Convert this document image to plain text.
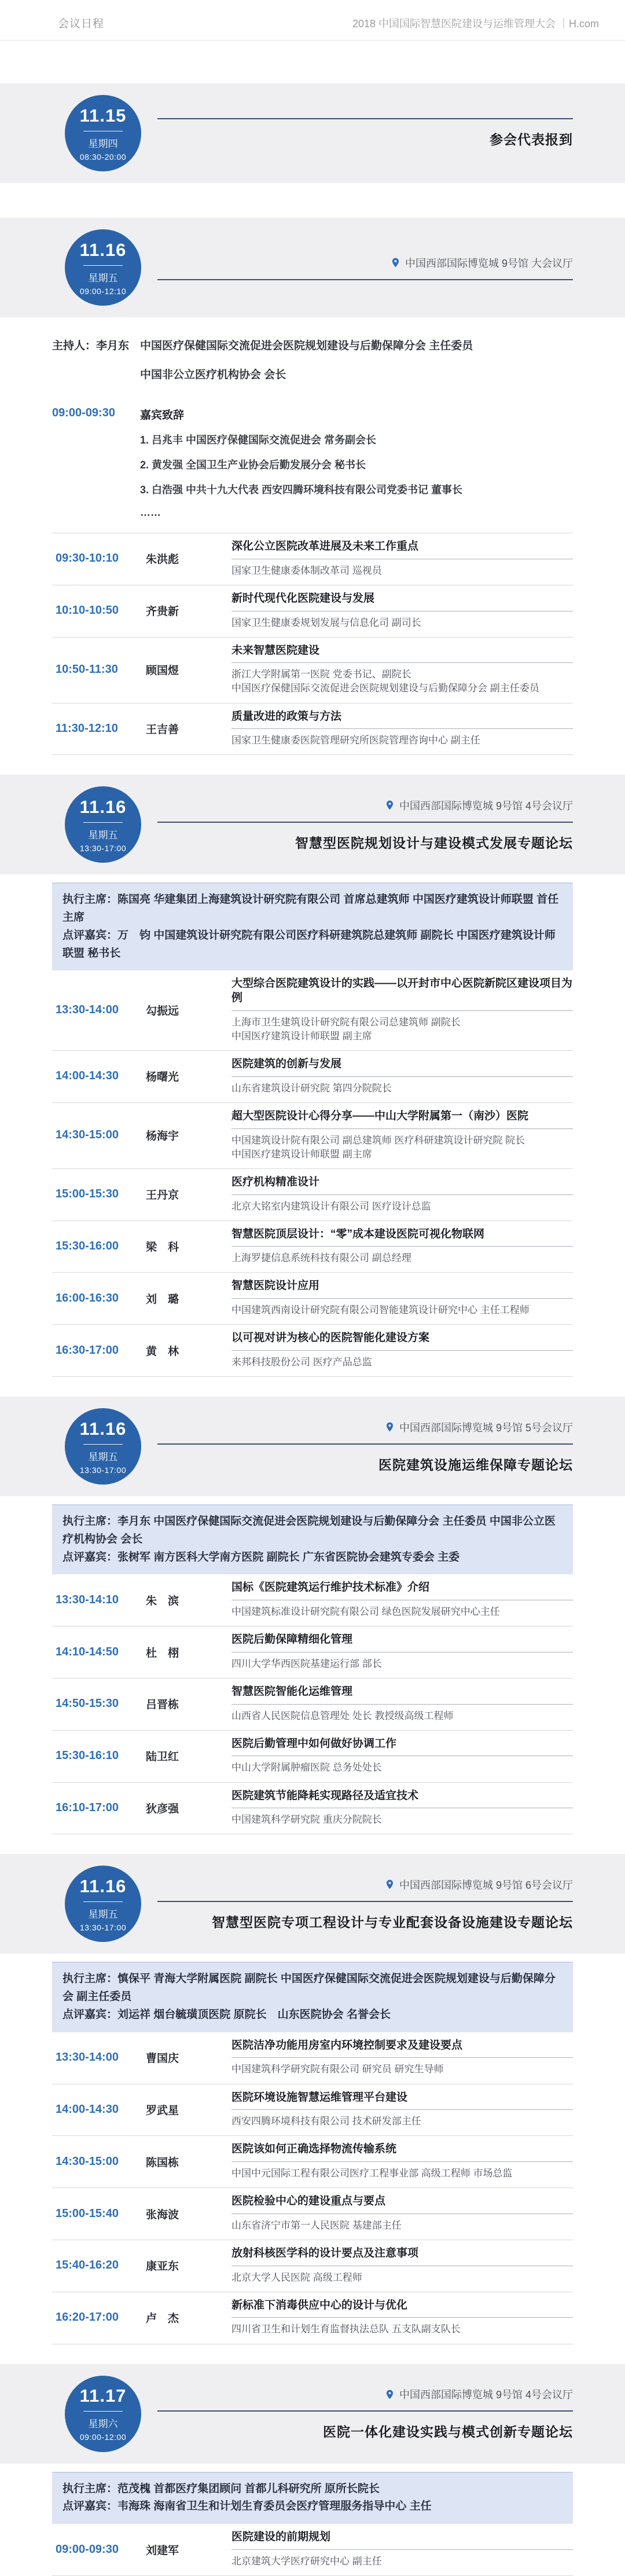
会议日程	2018 中国国际智慧医院建设与运维管理大会 ｜H.com
11.15
星期四
08:30-20:00
参会代表报到
11.16
星期五
09:00-12:10
中国西部国际博览城 9号馆 大会议厅
主持人：李月东 中国医疗保健国际交流促进会医院规划建设与后勤保障分会 主任委员
中国非公立医疗机构协会 会长
09:00-09:30	嘉宾致辞
1. 吕兆丰 中国医疗保健国际交流促进会 常务副会长
2. 黄发强 全国卫生产业协会后勤发展分会 秘书长
3. 白浩强 中共十九大代表 西安四腾环境科技有限公司党委书记 董事长
……
09:30-10:10	朱洪彪
深化公立医院改革进展及未来工作重点
国家卫生健康委体制改革司 巡视员
10:10-10:50	齐贵新
新时代现代化医院建设与发展
国家卫生健康委规划发展与信息化司 副司长
10:50-11:30	顾国煜
未来智慧医院建设
浙江大学附属第一医院 党委书记、副院长
中国医疗保健国际交流促进会医院规划建设与后勤保障分会 副主任委员
11:30-12:10	王吉善
质量改进的政策与方法
国家卫生健康委医院管理研究所医院管理咨询中心 副主任
11.16
星期五
13:30-17:00
中国西部国际博览城 9号馆 4号会议厅
智慧型医院规划设计与建设模式发展专题论坛
执行主席：陈国亮 华建集团上海建筑设计研究院有限公司 首席总建筑师 中国医疗建筑设计师联盟 首任主席
点评嘉宾：万　钧 中国建筑设计研究院有限公司医疗科研建筑院总建筑师 副院长 中国医疗建筑设计师联盟 秘书长
13:30-14:00	勾振远
大型综合医院建筑设计的实践——以开封市中心医院新院区建设项目为例
上海市卫生建筑设计研究院有限公司总建筑师 副院长
中国医疗建筑设计师联盟 副主席
14:00-14:30	杨曙光
医院建筑的创新与发展
山东省建筑设计研究院 第四分院院长
14:30-15:00	杨海宇
超大型医院设计心得分享——中山大学附属第一（南沙）医院
中国建筑设计院有限公司 副总建筑师 医疗科研建筑设计研究院 院长
中国医疗建筑设计师联盟 副主席
15:00-15:30	王丹京
医疗机构精准设计
北京大铭室内建筑设计有限公司 医疗设计总监
15:30-16:00	梁　科
智慧医院顶层设计：“零”成本建设医院可视化物联网
上海罗捷信息系统科技有限公司 副总经理
16:00-16:30	刘　璐
智慧医院设计应用
中国建筑西南设计研究院有限公司智能建筑设计研究中心 主任工程师
16:30-17:00	黄　林
以可视对讲为核心的医院智能化建设方案
来邦科技股份公司 医疗产品总监
11.16
星期五
13:30-17:00
中国西部国际博览城 9号馆 5号会议厅
医院建筑设施运维保障专题论坛
执行主席：李月东 中国医疗保健国际交流促进会医院规划建设与后勤保障分会 主任委员 中国非公立医疗机构协会 会长
点评嘉宾：张树军 南方医科大学南方医院 副院长 广东省医院协会建筑专委会 主委
13:30-14:10	朱　滨
国标《医院建筑运行维护技术标准》介绍
中国建筑标准设计研究院有限公司 绿色医院发展研究中心主任
14:10-14:50	杜　栩
医院后勤保障精细化管理
四川大学华西医院基建运行部 部长
14:50-15:30	吕晋栋
智慧医院智能化运维管理
山西省人民医院信息管理处 处长 教授级高级工程师
15:30-16:10	陆卫红
医院后勤管理中如何做好协调工作
中山大学附属肿瘤医院 总务处处长
16:10-17:00	狄彦强
医院建筑节能降耗实现路径及适宜技术
中国建筑科学研究院 重庆分院院长
11.16
星期五
13:30-17:00
中国西部国际博览城 9号馆 6号会议厅
智慧型医院专项工程设计与专业配套设备设施建设专题论坛
执行主席：慎保平 青海大学附属医院 副院长 中国医疗保健国际交流促进会医院规划建设与后勤保障分会 副主任委员
点评嘉宾：刘运祥 烟台毓璜顶医院 原院长　山东医院协会 名誉会长
13:30-14:00	曹国庆
医院洁净功能用房室内环境控制要求及建设要点
中国建筑科学研究院有限公司 研究员 研究生导师
14:00-14:30	罗武星
医院环境设施智慧运维管理平台建设
西安四腾环境科技有限公司 技术研发部主任
14:30-15:00	陈国栋
医院该如何正确选择物流传输系统
中国中元国际工程有限公司医疗工程事业部 高级工程师 市场总监
15:00-15:40	张海波
医院检验中心的建设重点与要点
山东省济宁市第一人民医院 基建部主任
15:40-16:20	康亚东
放射科核医学科的设计要点及注意事项
北京大学人民医院 高级工程师
16:20-17:00	卢　杰
新标准下消毒供应中心的设计与优化
四川省卫生和计划生育监督执法总队 五支队副支队长
11.17
星期六
09:00-12:00
中国西部国际博览城 9号馆 4号会议厅
医院一体化建设实践与模式创新专题论坛
执行主席：范茂槐 首都医疗集团顾问 首都儿科研究所 原所长院长
点评嘉宾：韦海珠 海南省卫生和计划生育委员会医疗管理服务指导中心 主任
09:00-09:30	刘建军
医院建设的前期规划
北京建筑大学医疗研究中心 副主任
